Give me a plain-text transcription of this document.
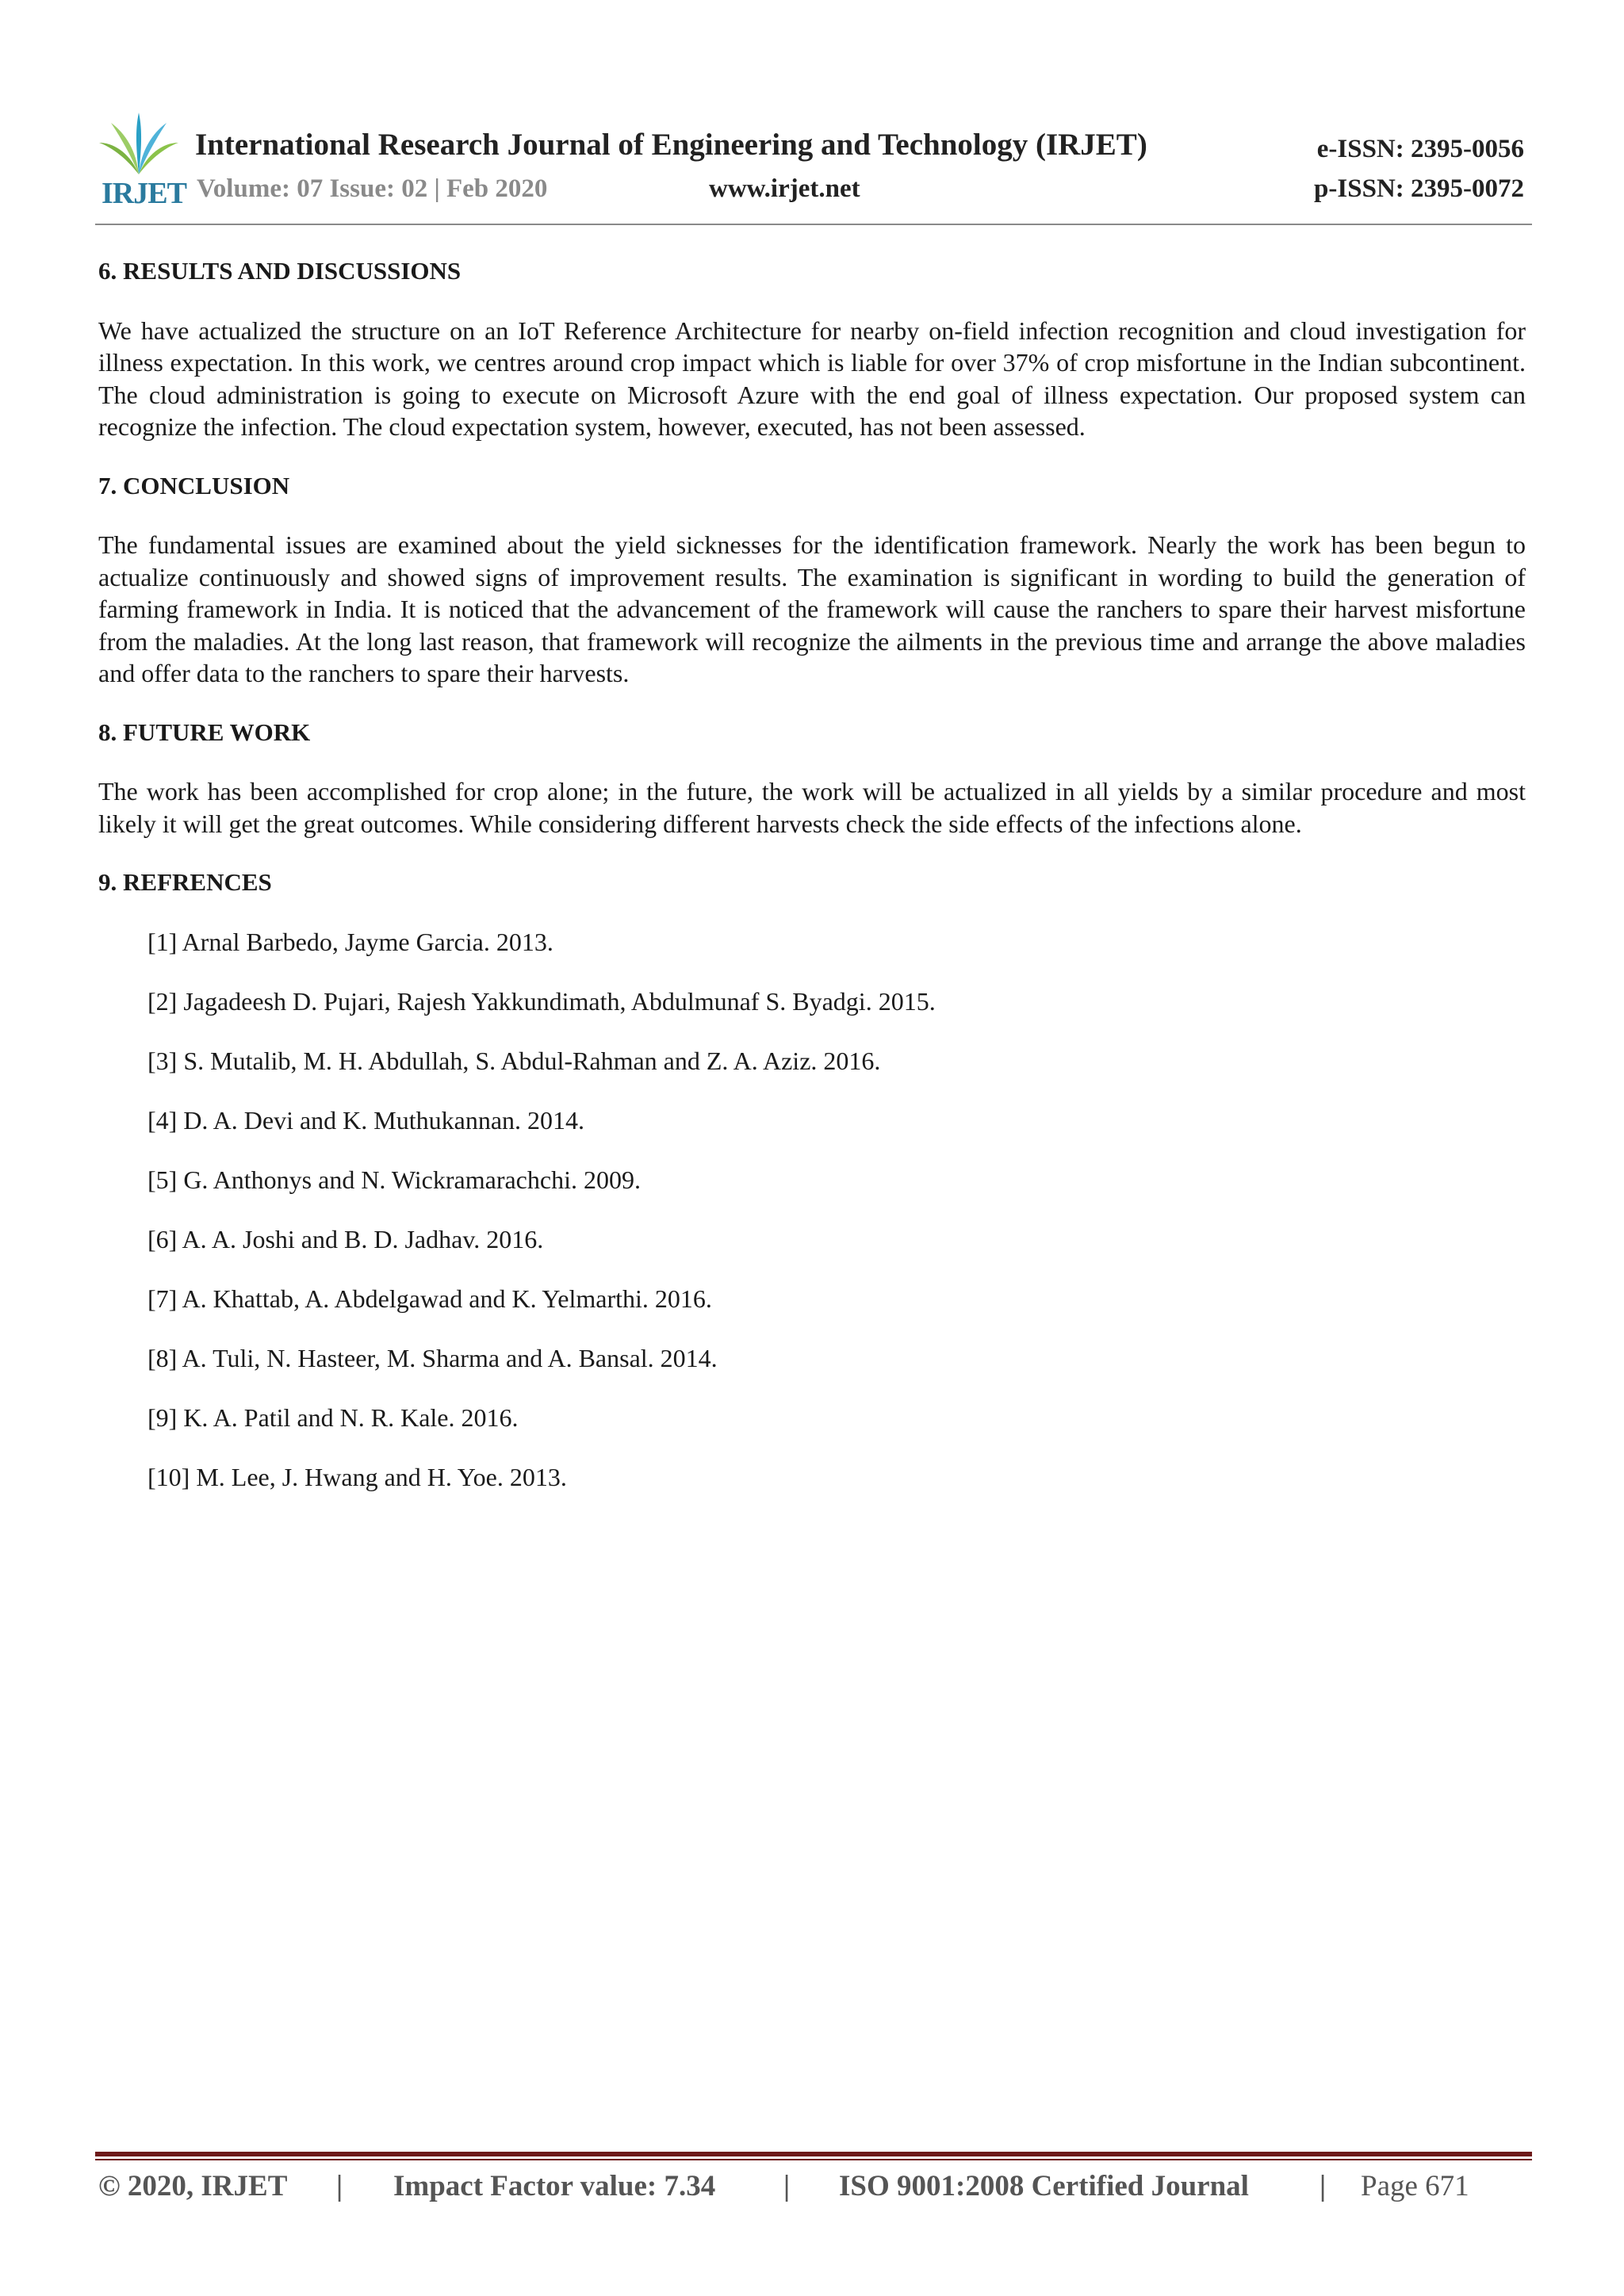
IRJET
International Research Journal of Engineering and Technology (IRJET)
Volume: 07 Issue: 02 | Feb 2020	www.irjet.net
e-ISSN: 2395-0056
p-ISSN: 2395-0072
6. RESULTS AND DISCUSSIONS
We have actualized the structure on an IoT Reference Architecture for nearby on-field infection recognition and cloud investigation for illness expectation. In this work, we centres around crop impact which is liable for over 37% of crop misfortune in the Indian subcontinent. The cloud administration is going to execute on Microsoft Azure with the end goal of illness expectation. Our proposed system can recognize the infection. The cloud expectation system, however, executed, has not been assessed.
7. CONCLUSION
The fundamental issues are examined about the yield sicknesses for the identification framework. Nearly the work has been begun to actualize continuously and showed signs of improvement results. The examination is significant in wording to build the generation of farming framework in India. It is noticed that the advancement of the framework will cause the ranchers to spare their harvest misfortune from the maladies. At the long last reason, that framework will recognize the ailments in the previous time and arrange the above maladies and offer data to the ranchers to spare their harvests.
8. FUTURE WORK
The work has been accomplished for crop alone; in the future, the work will be actualized in all yields by a similar procedure and most likely it will get the great outcomes. While considering different harvests check the side effects of the infections alone.
9. REFRENCES
[1] Arnal Barbedo, Jayme Garcia. 2013.
[2] Jagadeesh D. Pujari, Rajesh Yakkundimath, Abdulmunaf S. Byadgi. 2015.
[3] S. Mutalib, M. H. Abdullah, S. Abdul-Rahman and Z. A. Aziz. 2016.
[4] D. A. Devi and K. Muthukannan. 2014.
[5] G. Anthonys and N. Wickramarachchi. 2009.
[6] A. A. Joshi and B. D. Jadhav. 2016.
[7] A. Khattab, A. Abdelgawad and K. Yelmarthi. 2016.
[8] A. Tuli, N. Hasteer, M. Sharma and A. Bansal. 2014.
[9] K. A. Patil and N. R. Kale. 2016.
[10] M. Lee, J. Hwang and H. Yoe. 2013.
© 2020, IRJET | Impact Factor value: 7.34 | ISO 9001:2008 Certified Journal | Page 671
